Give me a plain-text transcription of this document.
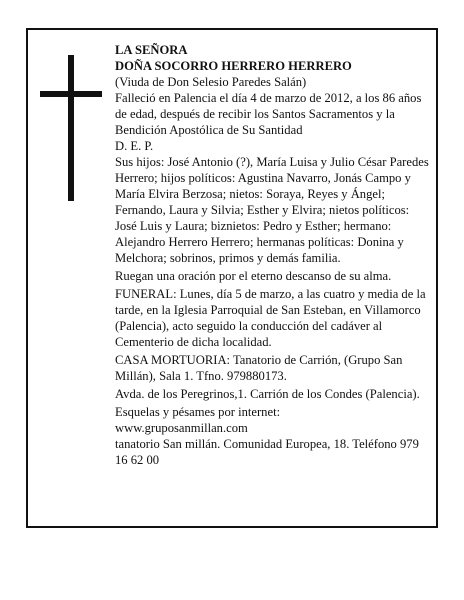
LA SEÑORA

DOÑA SOCORRO HERRERO HERRERO

(Viuda de Don Selesio Paredes Salán)

Falleció en Palencia el día 4 de marzo de 2012, a los 86 años de edad, después de recibir los Santos Sacramentos y la Bendición Apostólica de Su Santidad
D. E. P.

Sus hijos: José Antonio (?), María Luisa y Julio César Paredes Herrero; hijos políticos: Agustina Navarro, Jonás Campo y María Elvira Berzosa; nietos: Soraya, Reyes y Ángel; Fernando, Laura y Silvia; Esther y Elvira; nietos políticos: José Luis y Laura; biznietos: Pedro y Esther; hermano: Alejandro Herrero Herrero; hermanas políticas: Donina y Melchora; sobrinos, primos y demás familia.

Ruegan una oración por el eterno descanso de su alma.

FUNERAL: Lunes, día 5 de marzo, a las cuatro y media de la tarde, en la Iglesia Parroquial de San Esteban, en Villamorco (Palencia), acto seguido la conducción del cadáver al Cementerio de dicha localidad.

CASA MORTUORIA: Tanatorio de Carrión, (Grupo San Millán), Sala 1. Tfno. 979880173.

Avda. de los Peregrinos,1. Carrión de los Condes (Palencia).

Esquelas y pésames por internet:
www.gruposanmillan.com
tanatorio San millán. Comunidad Europea, 18. Teléfono 979 16 62 00
